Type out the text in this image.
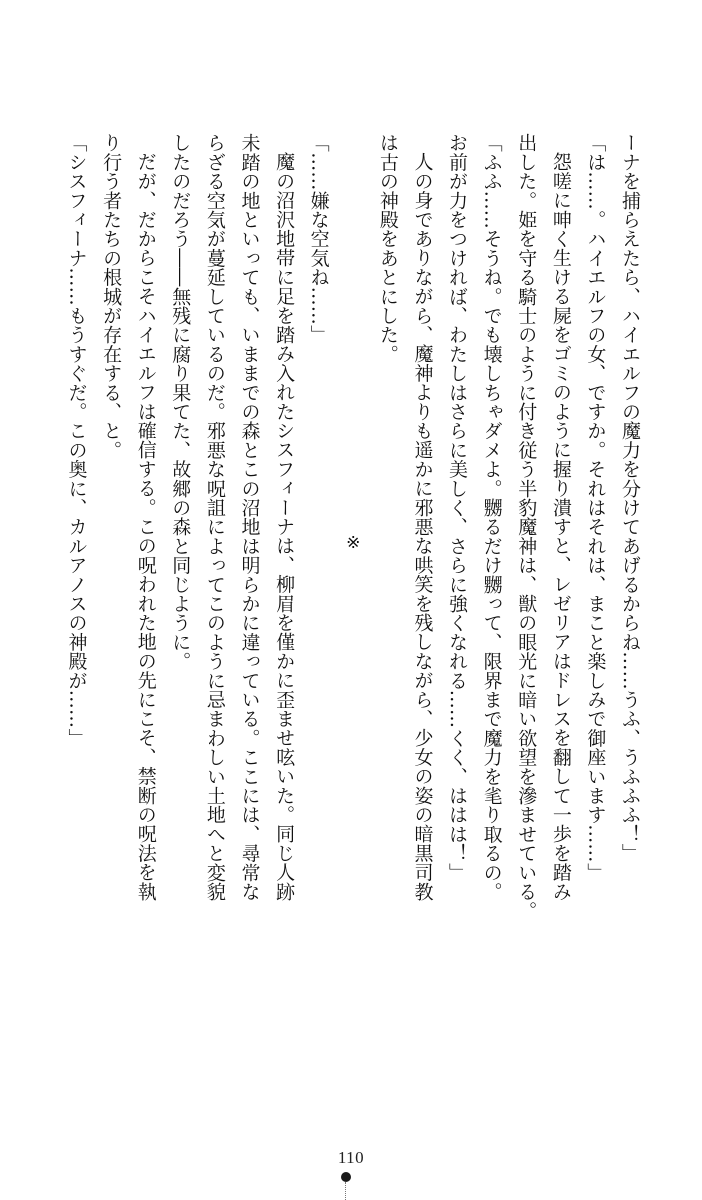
ーナを捕らえたら、ハイエルフの魔力を分けてあげるからね……うふ、うふふふ！」
「は……。ハイエルフの女、ですか。それはそれは、まこと楽しみで御座います……」
怨嗟に呻く生ける屍をゴミのように握り潰すと、レゼリアはドレスを翻して一歩を踏み
出した。姫を守る騎士のように付き従う半豹魔神は、獣の眼光に暗い欲望を滲ませている。
「ふふ……そうね。でも壊しちゃダメよ。嬲るだけ嬲って、限界まで魔力を毟り取るの。
お前が力をつければ、わたしはさらに美しく、さらに強くなれる……くく、ははは！」
人の身でありながら、魔神よりも遥かに邪悪な哄笑を残しながら、少女の姿の暗黒司教
は古の神殿をあとにした。
※
「……嫌な空気ね……」
魔の沼沢地帯に足を踏み入れたシスフィーナは、柳眉を僅かに歪ませ呟いた。同じ人跡
未踏の地といっても、いままでの森とこの沼地は明らかに違っている。ここには、尋常な
らざる空気が蔓延しているのだ。邪悪な呪詛によってこのように忌まわしい土地へと変貌
したのだろう――無残に腐り果てた、故郷の森と同じように。
だが、だからこそハイエルフは確信する。この呪われた地の先にこそ、禁断の呪法を執
り行う者たちの根城が存在する、と。
「シスフィーナ……もうすぐだ。この奥に、カルアノスの神殿が……」
110
